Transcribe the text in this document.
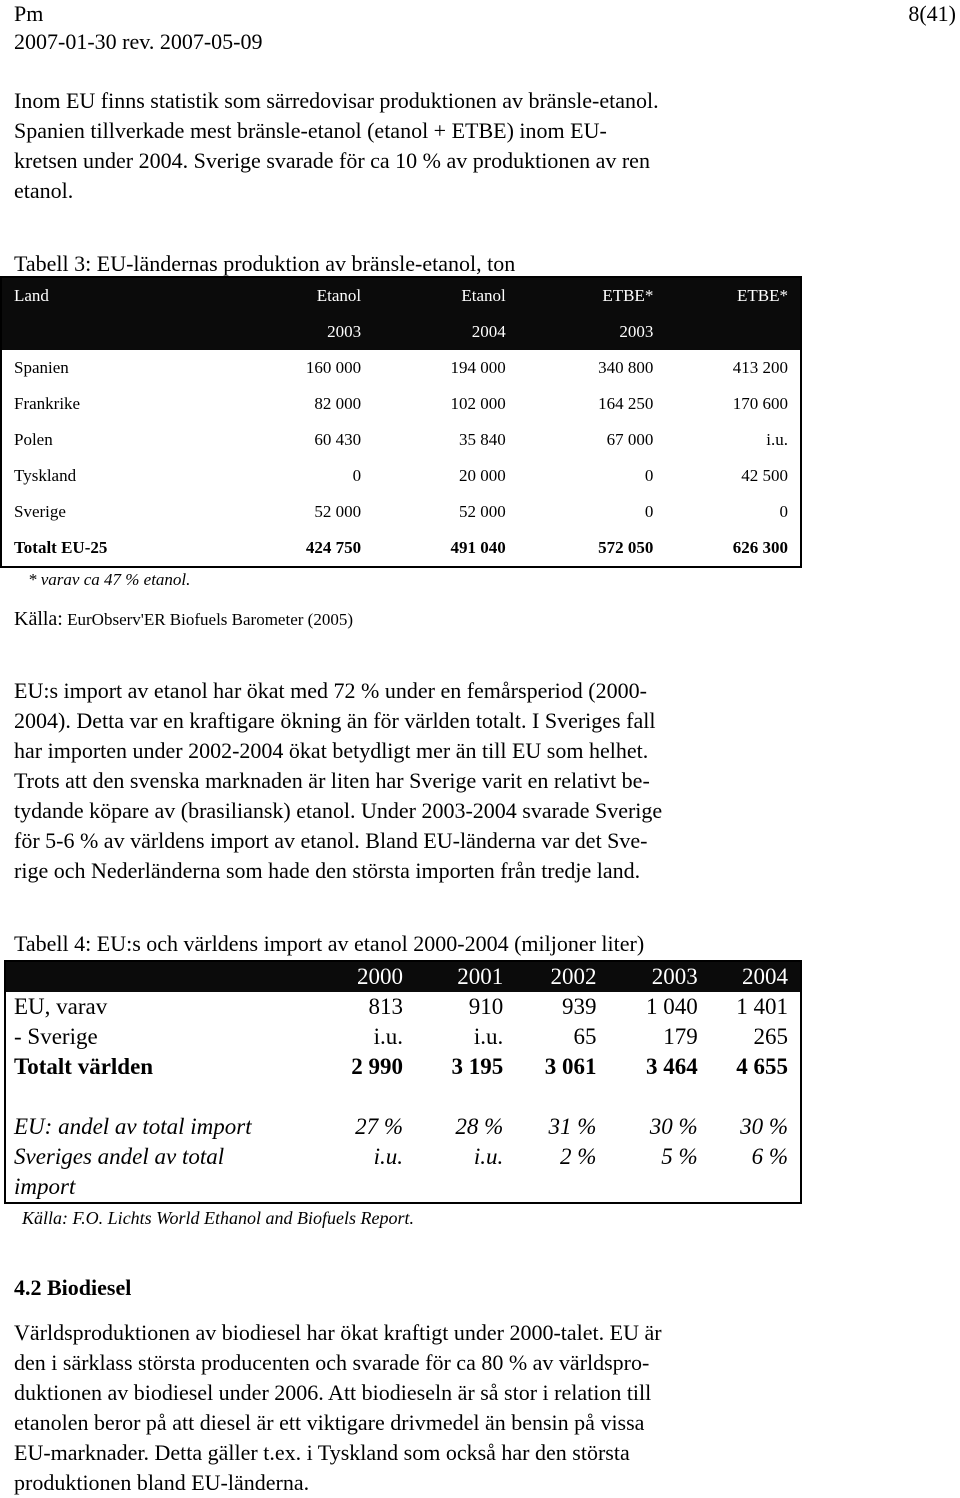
Pm
2007-01-30 rev. 2007-05-09
8(41)

Inom EU finns statistik som särredovisar produktionen av bränsle-etanol.

Spanien tillverkade mest bränsle-etanol (etanol + ETBE) inom EU-

kretsen under 2004. Sverige svarade för ca 10 % av produktionen av ren

etanol.

Tabell 3: EU-ländernas produktion av bränsle-etanol, ton
Land	Etanol	Etanol	ETBE*	ETBE*
	2003	2004	2003	
Spanien	160 000	194 000	340 800	413 200
Frankrike	82 000	102 000	164 250	170 600
Polen	60 430	35 840	67 000	i.u.
Tyskland	0	20 000	0	42 500
Sverige	52 000	52 000	0	0
Totalt EU-25	424 750	491 040	572 050	626 300
* varav ca 47 % etanol.
Källa: EurObserv'ER Biofuels Barometer (2005)

EU:s import av etanol har ökat med 72 % under en femårsperiod (2000-

2004). Detta var en kraftigare ökning än för världen totalt. I Sveriges fall

har importen under 2002-2004 ökat betydligt mer än till EU som helhet.

Trots att den svenska marknaden är liten har Sverige varit en relativt be-

tydande köpare av (brasiliansk) etanol. Under 2003-2004 svarade Sverige

för 5-6 % av världens import av etanol. Bland EU-länderna var det Sve-

rige och Nederländerna som hade den största importen från tredje land.

Tabell 4: EU:s och världens import av etanol 2000-2004 (miljoner liter)
	2000	2001	2002	2003	2004
EU, varav	813	910	939	1 040	1 401
- Sverige	i.u.	i.u.	65	179	265
Totalt världen	2 990	3 195	3 061	3 464	4 655

EU: andel av total import	27 %	28 %	31 %	30 %	30 %
Sveriges andel av total	i.u.	i.u.	2 %	5 %	6 %
import					
Källa: F.O. Lichts World Ethanol and Biofuels Report.
4.2 Biodiesel

Världsproduktionen av biodiesel har ökat kraftigt under 2000-talet. EU är

den i särklass största producenten och svarade för ca 80 % av världspro-

duktionen av biodiesel under 2006. Att biodieseln är så stor i relation till

etanolen beror på att diesel är ett viktigare drivmedel än bensin på vissa

EU-marknader. Detta gäller t.ex. i Tyskland som också har den största

produktionen bland EU-länderna.
